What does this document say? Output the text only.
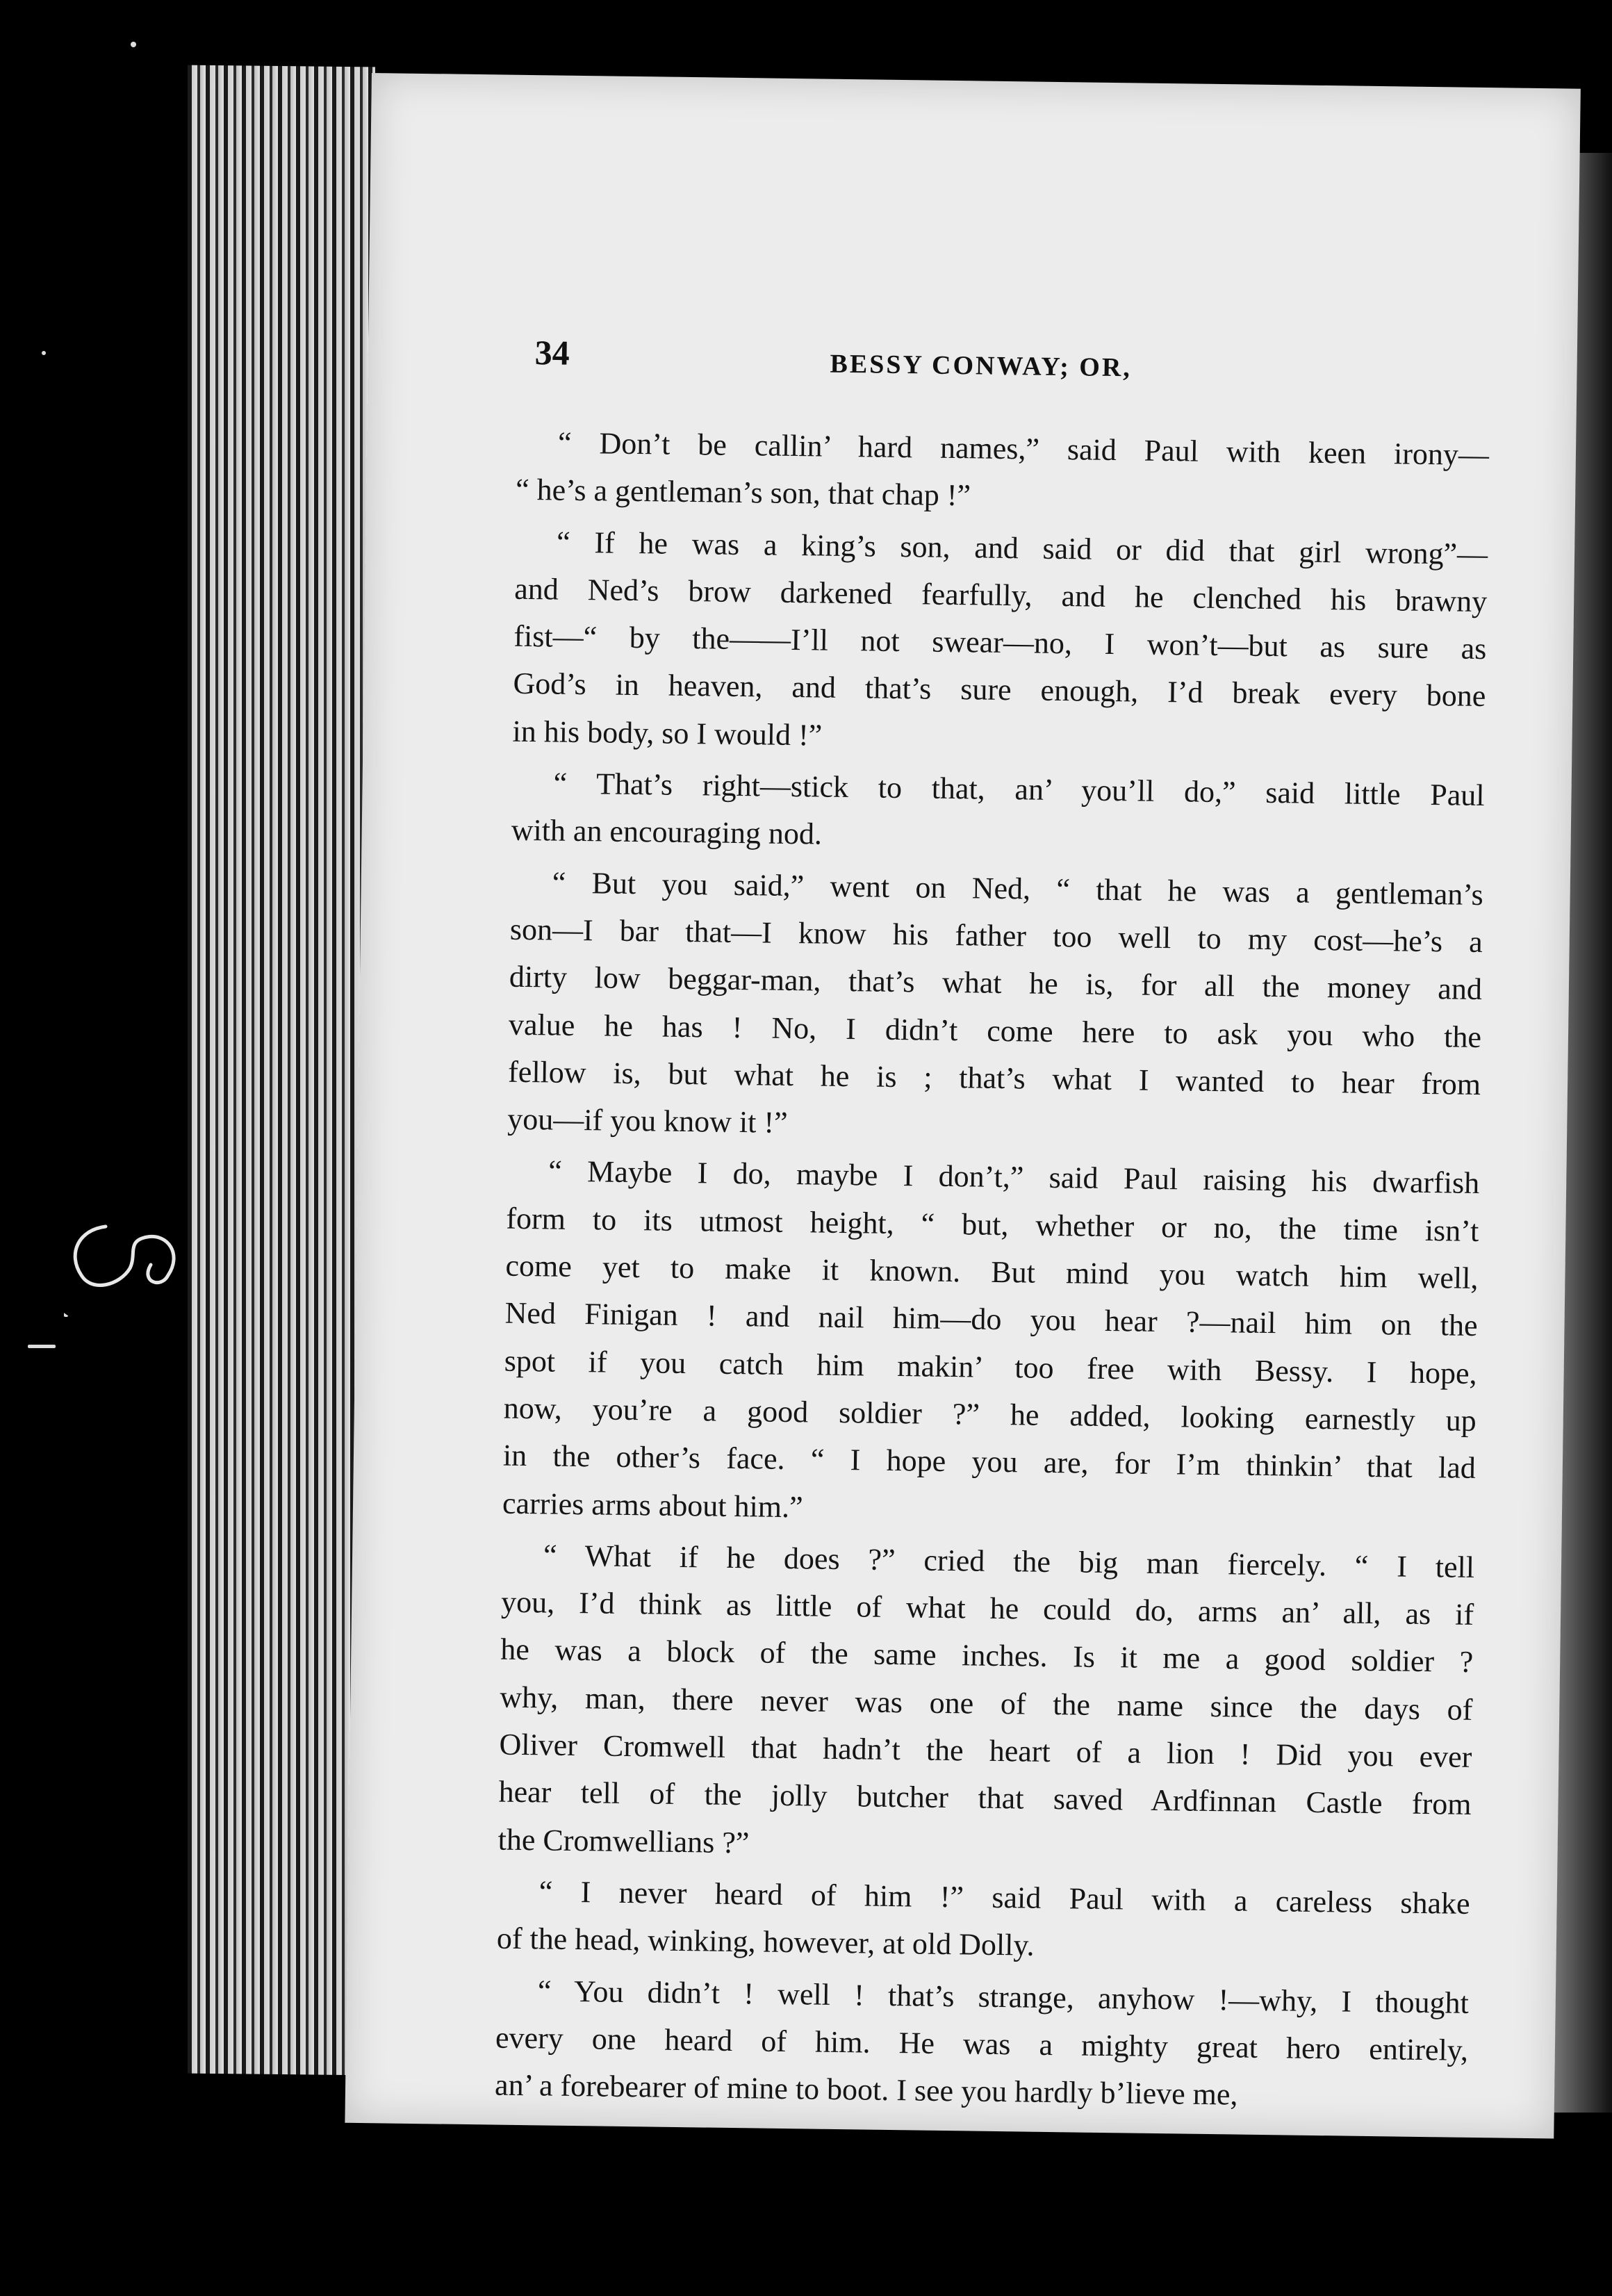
34	BESSY CONWAY; OR,
“ Don’t be callin’ hard names,” said Paul with keen irony—
“ he’s a gentleman’s son, that chap !”
“ If he was a king’s son, and said or did that girl wrong”—
and Ned’s brow darkened fearfully, and he clenched his brawny
fist—“ by the——I’ll not swear—no, I won’t—but as sure as
God’s in heaven, and that’s sure enough, I’d break every bone
in his body, so I would !”
“ That’s right—stick to that, an’ you’ll do,” said little Paul
with an encouraging nod.
“ But you said,” went on Ned, “ that he was a gentleman’s
son—I bar that—I know his father too well to my cost—he’s a
dirty low beggar-man, that’s what he is, for all the money and
value he has ! No, I didn’t come here to ask you who the
fellow is, but what he is ; that’s what I wanted to hear from
you—if you know it !”
“ Maybe I do, maybe I don’t,” said Paul raising his dwarfish
form to its utmost height, “ but, whether or no, the time isn’t
come yet to make it known. But mind you watch him well,
Ned Finigan ! and nail him—do you hear ?—nail him on the
spot if you catch him makin’ too free with Bessy. I hope,
now, you’re a good soldier ?” he added, looking earnestly up
in the other’s face. “ I hope you are, for I’m thinkin’ that lad
carries arms about him.”
“ What if he does ?” cried the big man fiercely. “ I tell
you, I’d think as little of what he could do, arms an’ all, as if
he was a block of the same inches. Is it me a good soldier ?
why, man, there never was one of the name since the days of
Oliver Cromwell that hadn’t the heart of a lion ! Did you ever
hear tell of the jolly butcher that saved Ardfinnan Castle from
the Cromwellians ?”
“ I never heard of him !” said Paul with a careless shake
of the head, winking, however, at old Dolly.
“ You didn’t ! well ! that’s strange, anyhow !—why, I thought
every one heard of him. He was a mighty great hero entirely,
an’ a forebearer of mine to boot. I see you hardly b’lieve me,
